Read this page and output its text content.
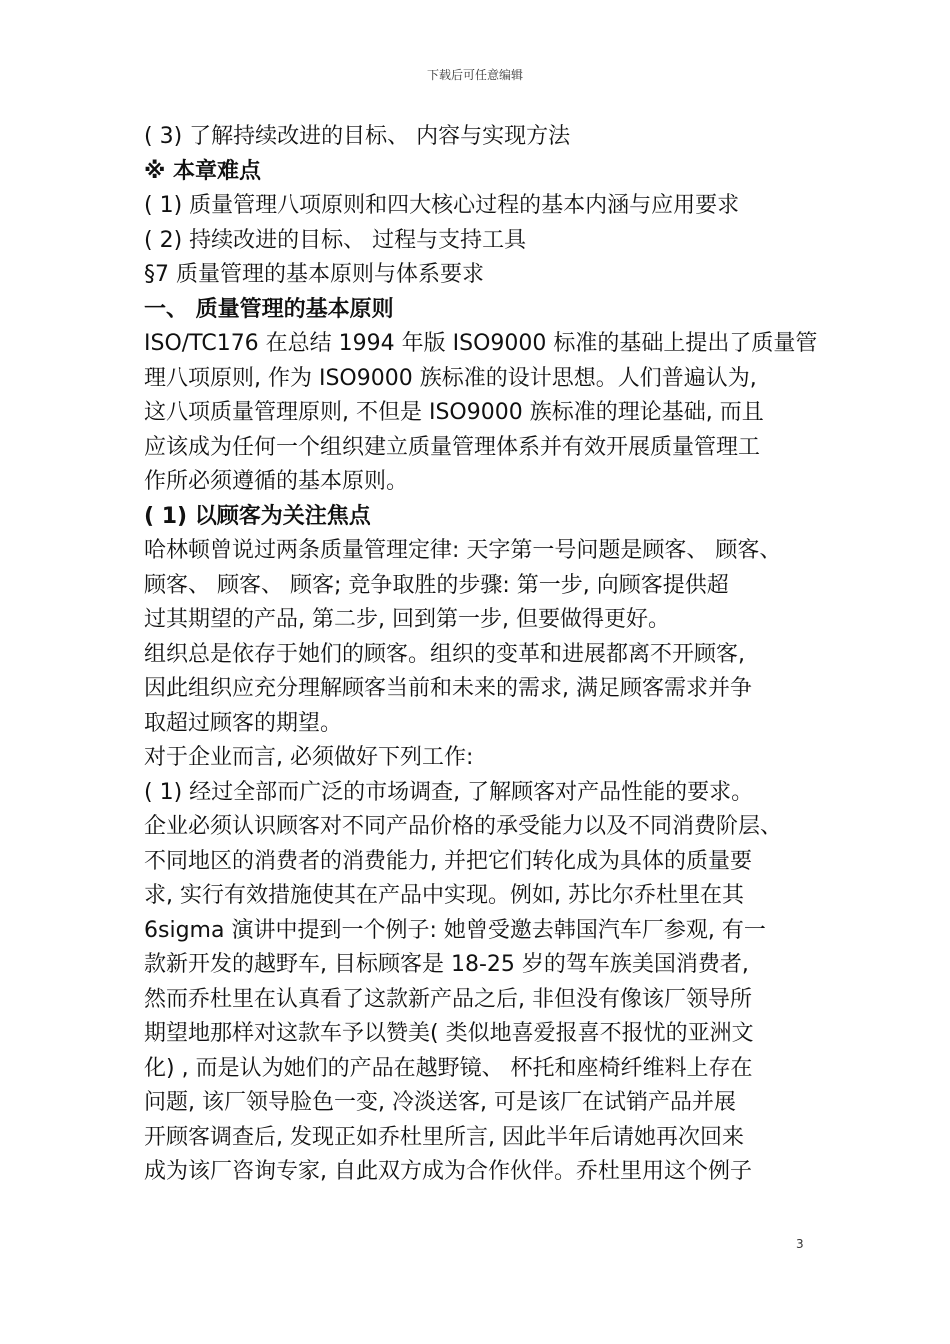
下载后可任意编辑
( 3) 了解持续改进的目标、 内容与实现方法
※ 本章难点
( 1) 质量管理八项原则和四大核心过程的基本内涵与应用要求
( 2) 持续改进的目标、 过程与支持工具
§7 质量管理的基本原则与体系要求
一、 质量管理的基本原则
ISO/TC176 在总结 1994 年版 ISO9000 标准的基础上提出了质量管
理八项原则, 作为 ISO9000 族标准的设计思想。人们普遍认为,
这八项质量管理原则, 不但是 ISO9000 族标准的理论基础, 而且
应该成为任何一个组织建立质量管理体系并有效开展质量管理工
作所必须遵循的基本原则。
( 1) 以顾客为关注焦点
哈林顿曾说过两条质量管理定律: 天字第一号问题是顾客、 顾客、
顾客、 顾客、 顾客; 竞争取胜的步骤: 第一步, 向顾客提供超
过其期望的产品, 第二步, 回到第一步, 但要做得更好。
组织总是依存于她们的顾客。组织的变革和进展都离不开顾客,
因此组织应充分理解顾客当前和未来的需求, 满足顾客需求并争
取超过顾客的期望。
对于企业而言, 必须做好下列工作:
( 1) 经过全部而广泛的市场调查, 了解顾客对产品性能的要求。
企业必须认识顾客对不同产品价格的承受能力以及不同消费阶层、
不同地区的消费者的消费能力, 并把它们转化成为具体的质量要
求, 实行有效措施使其在产品中实现。例如, 苏比尔乔杜里在其
6sigma 演讲中提到一个例子: 她曾受邀去韩国汽车厂参观, 有一
款新开发的越野车, 目标顾客是 18-25 岁的驾车族美国消费者,
然而乔杜里在认真看了这款新产品之后, 非但没有像该厂领导所
期望地那样对这款车予以赞美( 类似地喜爱报喜不报忧的亚洲文
化) , 而是认为她们的产品在越野镜、 杯托和座椅纤维料上存在
问题, 该厂领导脸色一变, 冷淡送客, 可是该厂在试销产品并展
开顾客调查后, 发现正如乔杜里所言, 因此半年后请她再次回来
成为该厂咨询专家, 自此双方成为合作伙伴。乔杜里用这个例子
3
